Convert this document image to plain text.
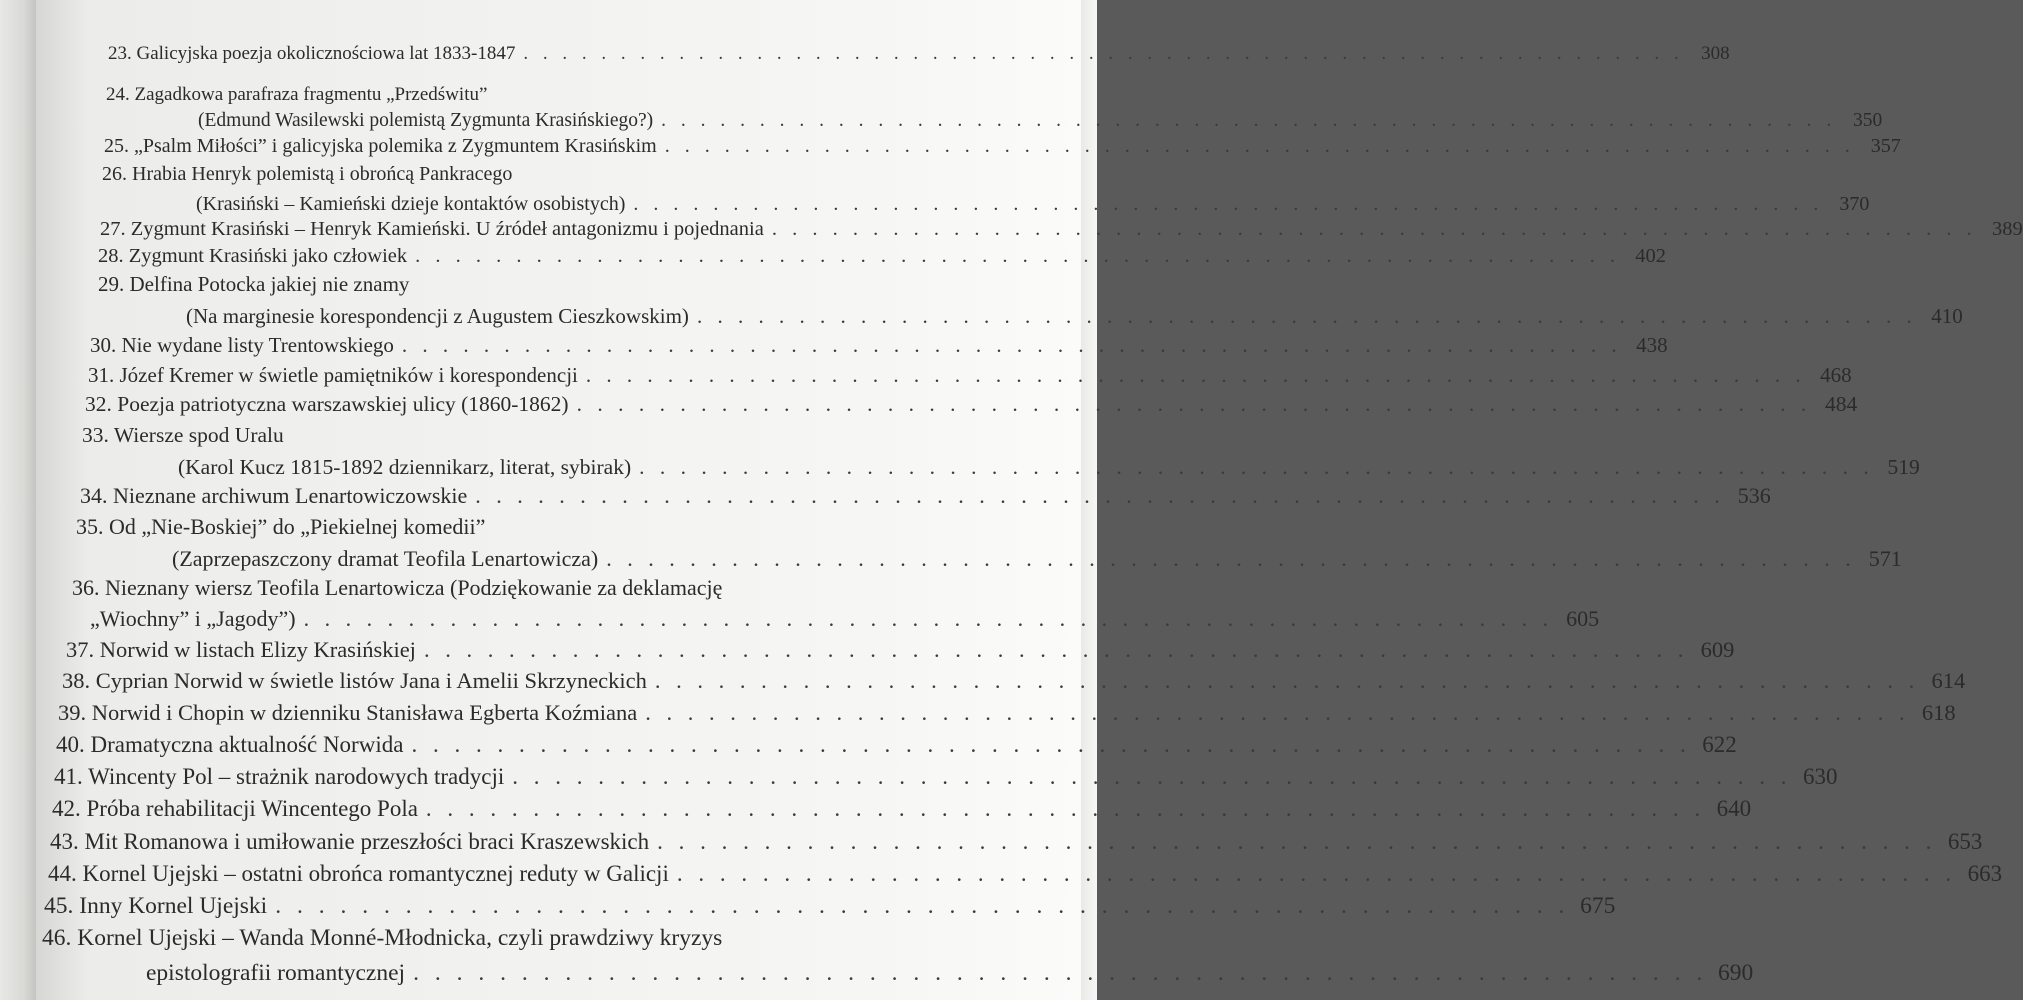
23. Galicyjska poezja okolicznościowa lat 1833-1847 . . . . . . . . . . . . . . . . . . . . . . . . . . . . . . . . . . . . . . . . . . . . . . . . . . . . . . . . . . . . 308
24. Zagadkowa parafraza fragmentu „Przedświtu”
(Edmund Wasilewski polemistą Zygmunta Krasińskiego?) . . . . . . . . . . . . . . . . . . . . . . . . . . . . . . . . . . . . . . . . . . . . . . . . . . . . . . . . . . . . 350
25. „Psalm Miłości” i galicyjska polemika z Zygmuntem Krasińskim . . . . . . . . . . . . . . . . . . . . . . . . . . . . . . . . . . . . . . . . . . . . . . . . . . . . . . . . . . . . 357
26. Hrabia Henryk polemistą i obrońcą Pankracego
(Krasiński – Kamieński dzieje kontaktów osobistych) . . . . . . . . . . . . . . . . . . . . . . . . . . . . . . . . . . . . . . . . . . . . . . . . . . . . . . . . . . . . 370
27. Zygmunt Krasiński – Henryk Kamieński. U źródeł antagonizmu i pojednania . . . . . . . . . . . . . . . . . . . . . . . . . . . . . . . . . . . . . . . . . . . . . . . . . . . . . . . . . . . . 389
28. Zygmunt Krasiński jako człowiek . . . . . . . . . . . . . . . . . . . . . . . . . . . . . . . . . . . . . . . . . . . . . . . . . . . . . . . . . . . . 402
29. Delfina Potocka jakiej nie znamy
(Na marginesie korespondencji z Augustem Cieszkowskim) . . . . . . . . . . . . . . . . . . . . . . . . . . . . . . . . . . . . . . . . . . . . . . . . . . . . . . . . . . . . 410
30. Nie wydane listy Trentowskiego . . . . . . . . . . . . . . . . . . . . . . . . . . . . . . . . . . . . . . . . . . . . . . . . . . . . . . . . . . . . 438
31. Józef Kremer w świetle pamiętników i korespondencji . . . . . . . . . . . . . . . . . . . . . . . . . . . . . . . . . . . . . . . . . . . . . . . . . . . . . . . . . . . . 468
32. Poezja patriotyczna warszawskiej ulicy (1860-1862) . . . . . . . . . . . . . . . . . . . . . . . . . . . . . . . . . . . . . . . . . . . . . . . . . . . . . . . . . . . . 484
33. Wiersze spod Uralu
(Karol Kucz 1815-1892 dziennikarz, literat, sybirak) . . . . . . . . . . . . . . . . . . . . . . . . . . . . . . . . . . . . . . . . . . . . . . . . . . . . . . . . . . . . 519
34. Nieznane archiwum Lenartowiczowskie . . . . . . . . . . . . . . . . . . . . . . . . . . . . . . . . . . . . . . . . . . . . . . . . . . . . . . . . . . . . 536
35. Od „Nie-Boskiej” do „Piekielnej komedii”
(Zaprzepaszczony dramat Teofila Lenartowicza) . . . . . . . . . . . . . . . . . . . . . . . . . . . . . . . . . . . . . . . . . . . . . . . . . . . . . . . . . . . . 571
36. Nieznany wiersz Teofila Lenartowicza (Podziękowanie za deklamację
„Wiochny” i „Jagody”) . . . . . . . . . . . . . . . . . . . . . . . . . . . . . . . . . . . . . . . . . . . . . . . . . . . . . . . . . . . . 605
37. Norwid w listach Elizy Krasińskiej . . . . . . . . . . . . . . . . . . . . . . . . . . . . . . . . . . . . . . . . . . . . . . . . . . . . . . . . . . . . 609
38. Cyprian Norwid w świetle listów Jana i Amelii Skrzyneckich . . . . . . . . . . . . . . . . . . . . . . . . . . . . . . . . . . . . . . . . . . . . . . . . . . . . . . . . . . . . 614
39. Norwid i Chopin w dzienniku Stanisława Egberta Koźmiana . . . . . . . . . . . . . . . . . . . . . . . . . . . . . . . . . . . . . . . . . . . . . . . . . . . . . . . . . . . . 618
40. Dramatyczna aktualność Norwida . . . . . . . . . . . . . . . . . . . . . . . . . . . . . . . . . . . . . . . . . . . . . . . . . . . . . . . . . . . . 622
41. Wincenty Pol – strażnik narodowych tradycji . . . . . . . . . . . . . . . . . . . . . . . . . . . . . . . . . . . . . . . . . . . . . . . . . . . . . . . . . . . . 630
42. Próba rehabilitacji Wincentego Pola . . . . . . . . . . . . . . . . . . . . . . . . . . . . . . . . . . . . . . . . . . . . . . . . . . . . . . . . . . . . 640
43. Mit Romanowa i umiłowanie przeszłości braci Kraszewskich . . . . . . . . . . . . . . . . . . . . . . . . . . . . . . . . . . . . . . . . . . . . . . . . . . . . . . . . . . . . 653
44. Kornel Ujejski – ostatni obrońca romantycznej reduty w Galicji . . . . . . . . . . . . . . . . . . . . . . . . . . . . . . . . . . . . . . . . . . . . . . . . . . . . . . . . . . . . 663
45. Inny Kornel Ujejski . . . . . . . . . . . . . . . . . . . . . . . . . . . . . . . . . . . . . . . . . . . . . . . . . . . . . . . . . . . . 675
46. Kornel Ujejski – Wanda Monné-Młodnicka, czyli prawdziwy kryzys
epistolografii romantycznej . . . . . . . . . . . . . . . . . . . . . . . . . . . . . . . . . . . . . . . . . . . . . . . . . . . . . . . . . . . . 690
